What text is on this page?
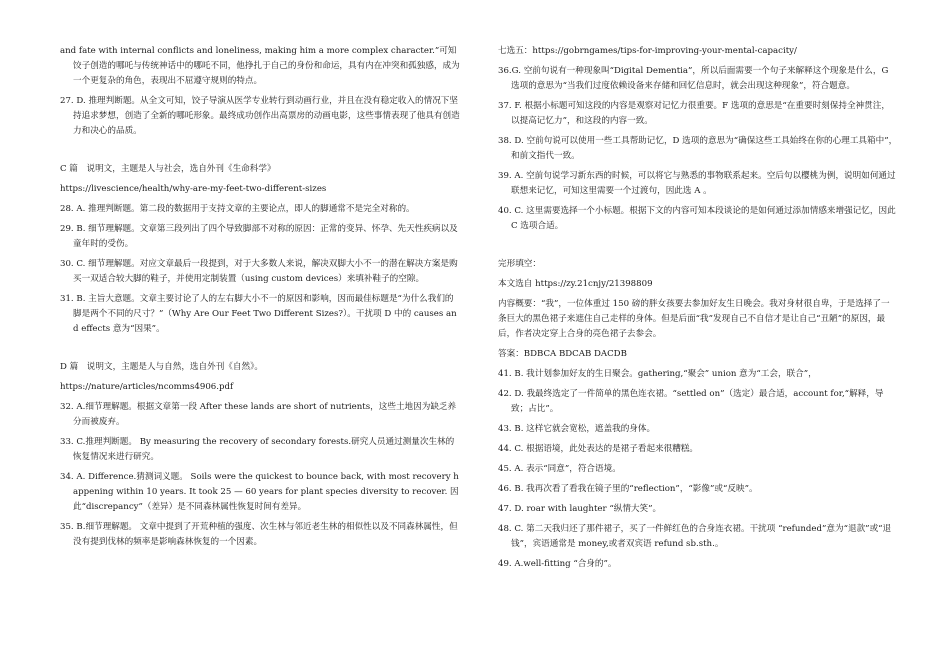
and fate with internal conflicts and loneliness, making him a more complex character.”可知饺子创造的哪吒与传统神话中的哪吒不同，他挣扎于自己的身份和命运，具有内在冲突和孤独感，成为一个更复杂的角色，表现出不屈遵守规则的特点。

27. D. 推理判断题。从全文可知，饺子导演从医学专业转行到动画行业，并且在没有稳定收入的情况下坚持追求梦想，创造了全新的哪吒形象。最终成功创作出高票房的动画电影，这些事情表现了他具有创造力和决心的品质。

C 篇　说明文，主题是人与社会，选自外刊《生命科学》

https://livescience/health/why-are-my-feet-two-different-sizes

28. A. 推理判断题。第二段的数据用于支持文章的主要论点，即人的脚通常不是完全对称的。

29. B. 细节理解题。文章第三段列出了四个导致脚部不对称的原因：正常的变异、怀孕、先天性疾病以及童年时的受伤。

30. C. 细节理解题。对应文章最后一段提到，对于大多数人来说，解决双脚大小不一的潜在解决方案是购买一双适合较大脚的鞋子，并使用定制装置（using custom devices）来填补鞋子的空隙。

31. B. 主旨大意题。文章主要讨论了人的左右脚大小不一的原因和影响，因而最佳标题是“为什么我们的脚是两个不同的尺寸？”（Why Are Our Feet Two Different Sizes?）。干扰项 D 中的 causes and effects 意为“因果”。

D 篇　说明文，主题是人与自然，选自外刊《自然》。

https://nature/articles/ncomms4906.pdf

32. A.细节理解题。根据文章第一段 After these lands are short of nutrients，这些土地因为缺乏养分而被废弃。

33. C.推理判断题。 By measuring the recovery of secondary forests.研究人员通过测量次生林的恢复情况来进行研究。

34. A. Difference.猜测词义题。 Soils were the quickest to bounce back, with most recovery happening within 10 years. It took 25 — 60 years for plant species diversity to recover. 因此“discrepancy”（差异）是不同森林属性恢复时间有差异。

35. B.细节理解题。 文章中提到了开荒种植的强度、次生林与邻近老生林的相似性以及不同森林属性，但没有提到伐林的频率是影响森林恢复的一个因素。

七选五：https://gobrngames/tips-for-improving-your-mental-capacity/

36.G. 空前句说有一种现象叫“Digital Dementia”，所以后面需要一个句子来解释这个现象是什么，G 选项的意思为“当我们过度依赖设备来存储和回忆信息时，就会出现这种现象”，符合题意。

37. F. 根据小标题可知这段的内容是观察对记忆力很重要。F 选项的意思是“在重要时刻保持全神贯注，以提高记忆力”，和这段的内容一致。

38. D. 空前句说可以使用一些工具帮助记忆，D 选项的意思为“确保这些工具始终在你的心理工具箱中”，和前文指代一致。

39. A. 空前句说学习新东西的时候，可以将它与熟悉的事物联系起来。空后句以樱桃为例，说明如何通过联想来记忆，可知这里需要一个过渡句，因此选 A 。

40. C. 这里需要选择一个小标题。根据下文的内容可知本段谈论的是如何通过添加情感来增强记忆，因此 C 选项合适。

完形填空：

本文选自 https://zy.21cnjy/21398809

内容概要：“我”，一位体重过 150 磅的胖女孩要去参加好友生日晚会。我对身材很自卑，于是选择了一条巨大的黑色裙子来遮住自己走样的身体。但是后面“我”发现自己不自信才是让自己“丑陋”的原因，最后，作者决定穿上合身的亮色裙子去参会。

答案：BDBCA BDCAB DACDB

41. B. 我计划参加好友的生日聚会。gathering,“聚会” union 意为“工会，联合”，

42. D. 我最终选定了一件简单的黑色连衣裙。“settled on”（选定）最合适，account for,“解释，导致；占比”。

43. B. 这样它就会宽松，遮盖我的身体。

44. C. 根据语境，此处表达的是裙子看起来很糟糕。

45. A. 表示“同意”，符合语境。

46. B. 我再次看了看我在镜子里的“reflection”，“影像”或“反映”。

47. D. roar with laughter “纵情大笑”。

48. C. 第二天我归还了那件裙子，买了一件鲜红色的合身连衣裙。干扰项 “refunded”意为“退款”或“退钱”，宾语通常是 money,或者双宾语 refund sb.sth.。

49. A.well-fitting “合身的”。
